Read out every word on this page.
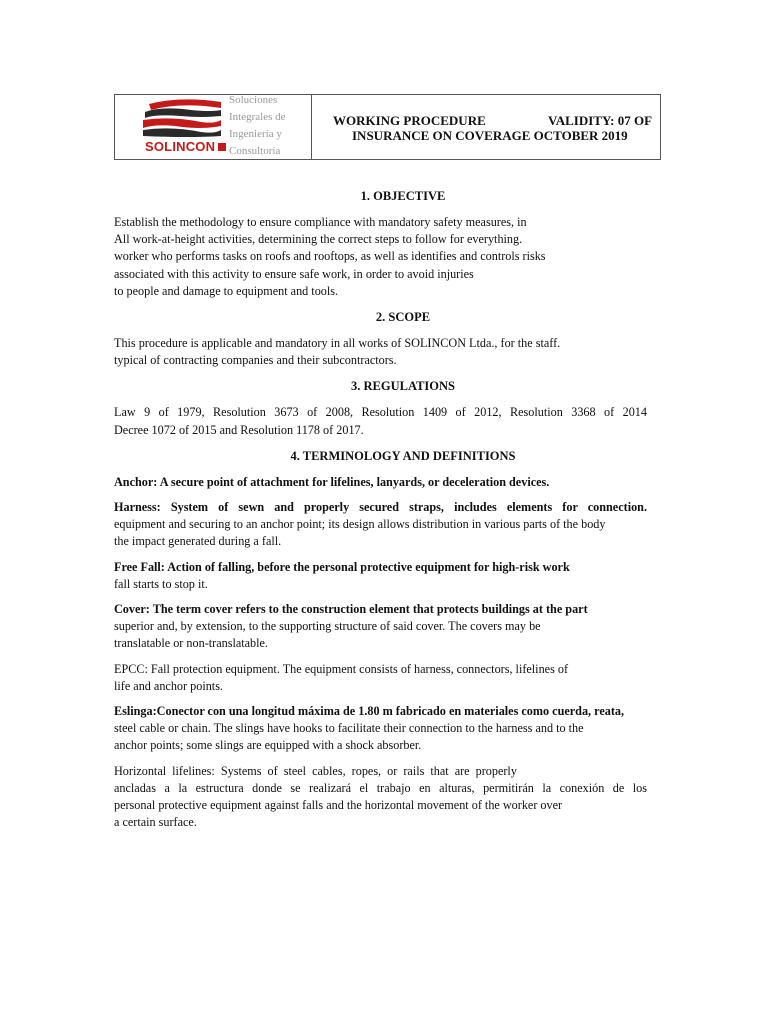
SOLINCON
Soluciones
Integrales de
Ingeniería y
Consultoría
WORKING PROCEDURE	VALIDITY: 07 OF
INSURANCE ON COVERAGE OCTOBER 2019
1. OBJECTIVE
Establish the methodology to ensure compliance with mandatory safety measures, in
All work-at-height activities, determining the correct steps to follow for everything.
worker who performs tasks on roofs and rooftops, as well as identifies and controls risks
associated with this activity to ensure safe work, in order to avoid injuries
to people and damage to equipment and tools.
2. SCOPE
This procedure is applicable and mandatory in all works of SOLINCON Ltda., for the staff.
typical of contracting companies and their subcontractors.
3. REGULATIONS
Law 9 of 1979, Resolution 3673 of 2008, Resolution 1409 of 2012, Resolution 3368 of 2014
Decree 1072 of 2015 and Resolution 1178 of 2017.
4. TERMINOLOGY AND DEFINITIONS
Anchor: A secure point of attachment for lifelines, lanyards, or deceleration devices.
Harness: System of sewn and properly secured straps, includes elements for connection.
equipment and securing to an anchor point; its design allows distribution in various parts of the body
the impact generated during a fall.
Free Fall: Action of falling, before the personal protective equipment for high-risk work
fall starts to stop it.
Cover: The term cover refers to the construction element that protects buildings at the part
superior and, by extension, to the supporting structure of said cover. The covers may be
translatable or non-translatable.
EPCC: Fall protection equipment. The equipment consists of harness, connectors, lifelines of
life and anchor points.
Eslinga:Conector con una longitud máxima de 1.80 m fabricado en materiales como cuerda, reata,
steel cable or chain. The slings have hooks to facilitate their connection to the harness and to the
anchor points; some slings are equipped with a shock absorber.
Horizontal lifelines: Systems of steel cables, ropes, or rails that are properly
ancladas a la estructura donde se realizará el trabajo en alturas, permitirán la conexión de los
personal protective equipment against falls and the horizontal movement of the worker over
a certain surface.
